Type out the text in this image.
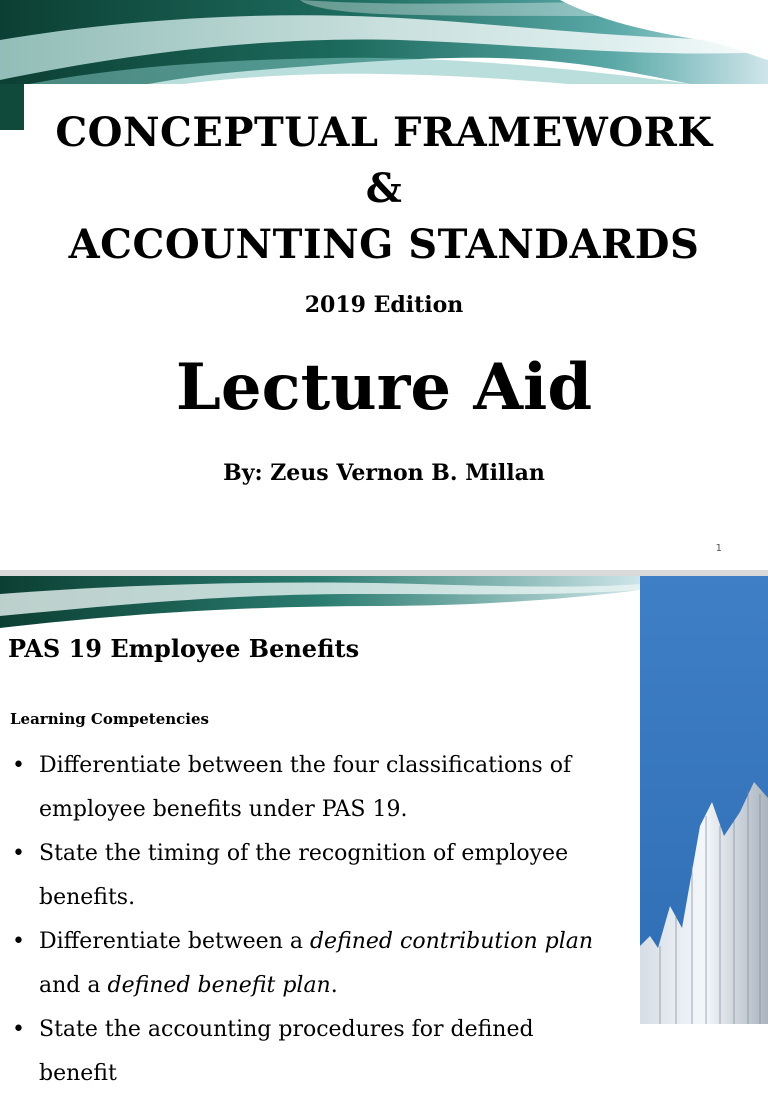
CONCEPTUAL FRAMEWORK
&
ACCOUNTING STANDARDS
2019 Edition
Lecture Aid
By: Zeus Vernon B. Millan
1
PAS 19 Employee Benefits
Learning Competencies
• Differentiate between the four classifications of employee benefits under PAS 19.
• State the timing of the recognition of employee benefits.
• Differentiate between a defined contribution plan and a defined benefit plan.
• State the accounting procedures for defined benefit
